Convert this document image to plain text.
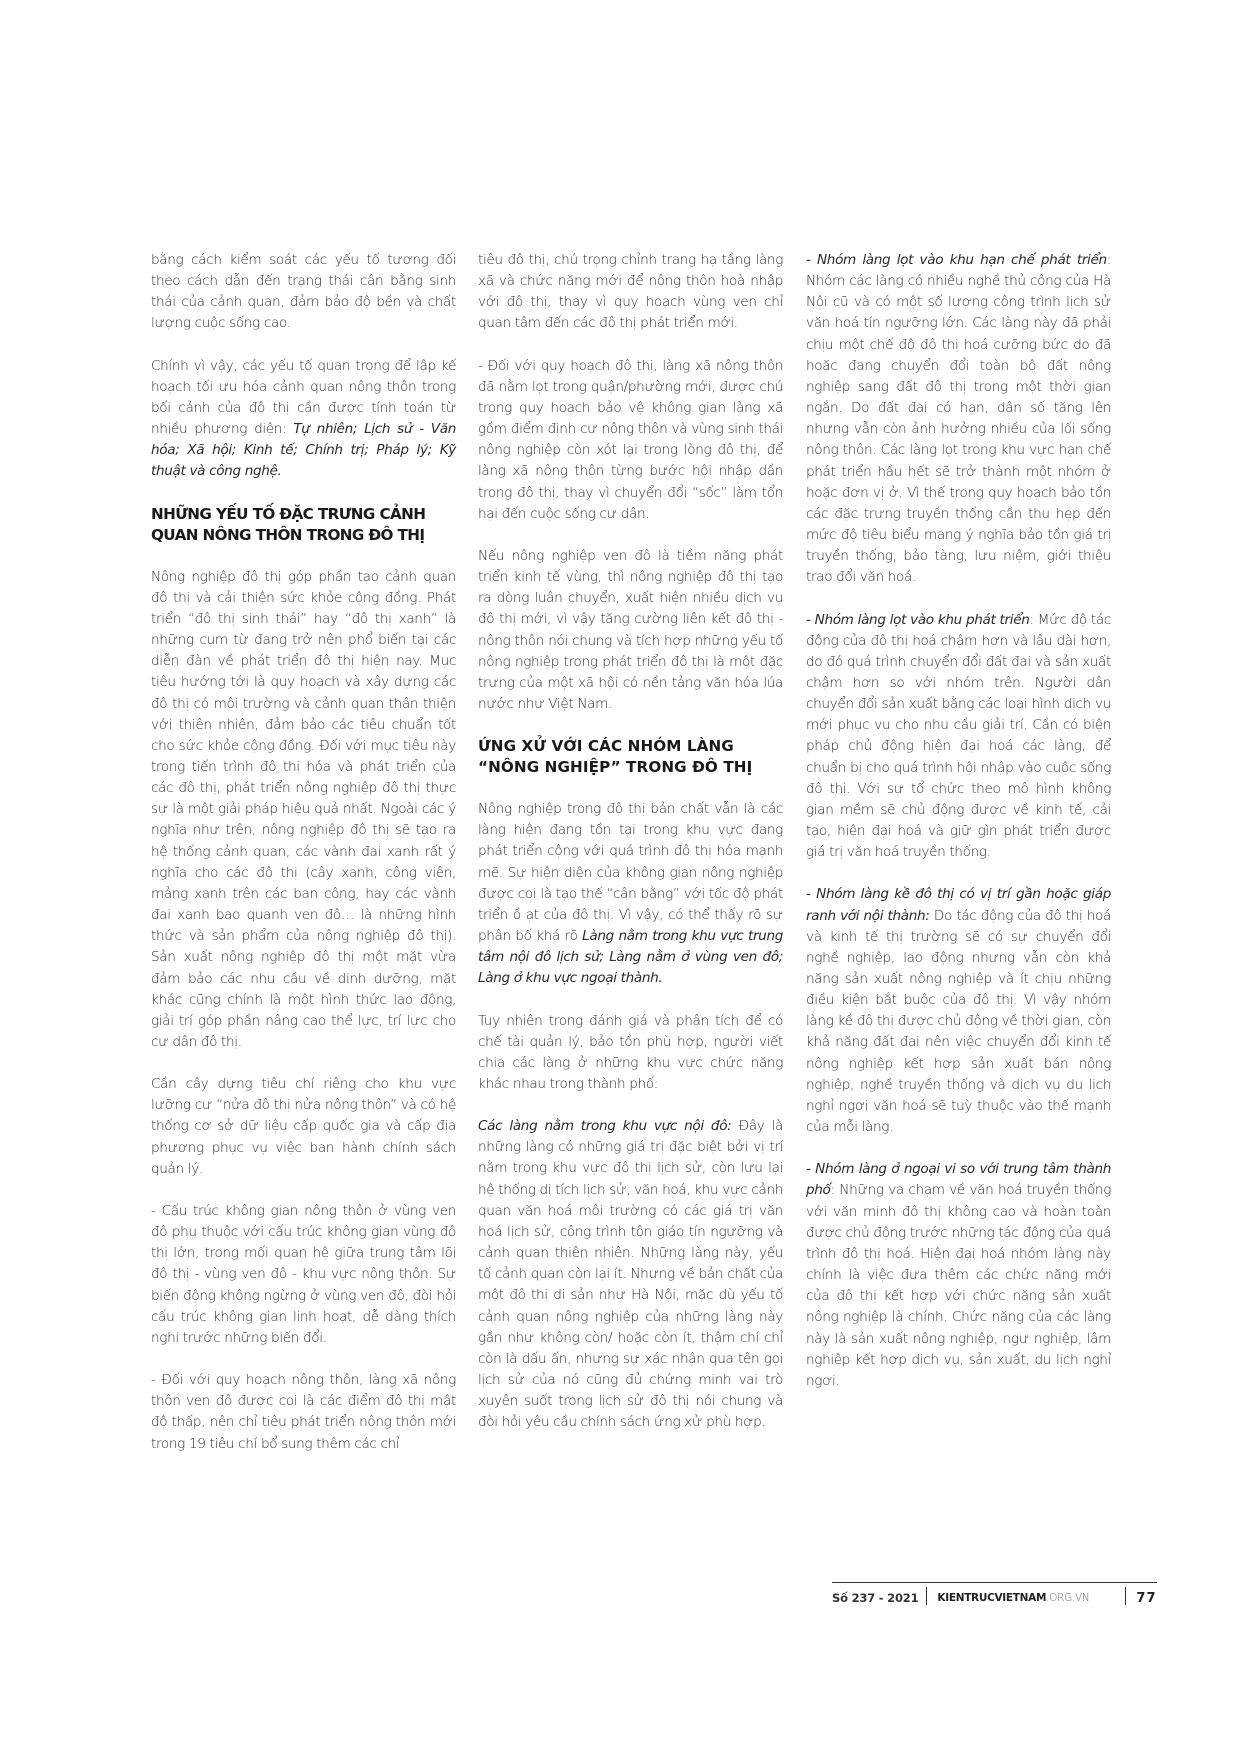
bằng cách kiểm soát các yếu tố tương đối theo cách dẫn đến trạng thái cân bằng sinh thái của cảnh quan, đảm bảo độ bền và chất lượng cuộc sống cao.

Chính vì vậy, các yếu tố quan trọng để lập kế hoạch tối ưu hóa cảnh quan nông thôn trong bối cảnh của đô thị cần được tính toán từ nhiều phương diện: Tự nhiên; Lịch sử - Văn hóa; Xã hội; Kinh tế; Chính trị; Pháp lý; Kỹ thuật và công nghệ.

NHỮNG YẾU TỐ ĐẶC TRƯNG CẢNH QUAN NÔNG THÔN TRONG ĐÔ THỊ

Nông nghiệp đô thị góp phần tạo cảnh quan đô thị và cải thiện sức khỏe cộng đồng. Phát triển “đô thị sinh thái” hay “đô thị xanh” là những cụm từ đang trở nên phổ biến tại các diễn đàn về phát triển đô thị hiện nay. Mục tiêu hướng tới là quy hoạch và xây dựng các đô thị có môi trường và cảnh quan thân thiện với thiên nhiên, đảm bảo các tiêu chuẩn tốt cho sức khỏe cộng đồng. Đối với mục tiêu này trong tiến trình đô thị hóa và phát triển của các đô thị, phát triển nông nghiệp đô thị thực sự là một giải pháp hiệu quả nhất. Ngoài các ý nghĩa như trên, nông nghiệp đô thị sẽ tạo ra hệ thống cảnh quan, các vành đai xanh rất ý nghĩa cho các đô thị (cây xanh, công viên, mảng xanh trên các ban công, hay các vành đai xanh bao quanh ven đô… là những hình thức và sản phẩm của nông nghiệp đô thị). Sản xuất nông nghiệp đô thị một mặt vừa đảm bảo các nhu cầu về dinh dưỡng, mặt khác cũng chính là một hình thức lao động, giải trí góp phần nâng cao thể lực, trí lực cho cư dân đô thị.

Cần cây dựng tiêu chí riêng cho khu vực lưỡng cư “nửa đô thị nửa nông thôn” và có hệ thống cơ sở dữ liệu cấp quốc gia và cấp địa phương phục vụ việc ban hành chính sách quản lý.

- Cấu trúc không gian nông thôn ở vùng ven đô phụ thuộc với cấu trúc không gian vùng đô thị lớn, trong mối quan hệ giữa trung tâm lõi đô thị - vùng ven đô - khu vực nông thôn. Sự biến động không ngừng ở vùng ven đô, đòi hỏi cấu trúc không gian linh hoạt, dễ dàng thích nghi trước những biến đổi.

- Đối với quy hoạch nông thôn, làng xã nông thôn ven đô được coi là các điểm đô thị mật độ thấp, nên chỉ tiêu phát triển nông thôn mới trong 19 tiêu chí bổ sung thêm các chỉ

tiêu đô thị, chú trọng chỉnh trang hạ tầng làng xã và chức năng mới để nông thôn hoà nhập với đô thị, thay vì quy hoạch vùng ven chỉ quan tâm đến các đô thị phát triển mới.

- Đối với quy hoạch đô thị, làng xã nông thôn đã nằm lọt trong quận/phường mới, được chú trọng quy hoạch bảo vệ không gian làng xã gồm điểm định cư nông thôn và vùng sinh thái nông nghiệp còn xót lại trong lòng đô thị, để làng xã nông thôn từng bước hội nhập dần trong đô thị, thay vì chuyển đổi “sốc” làm tổn hại đến cuộc sống cư dân.

Nếu nông nghiệp ven đô là tiềm năng phát triển kinh tế vùng, thì nông nghiệp đô thị tạo ra dòng luân chuyển, xuất hiện nhiều dịch vụ đô thị mới, vì vậy tăng cường liên kết đô thị - nông thôn nói chung và tích hợp những yếu tố nông nghiệp trong phát triển đô thị là một đặc trưng của một xã hội có nền tảng văn hóa lúa nước như Việt Nam.

ỨNG XỬ VỚI CÁC NHÓM LÀNG “NÔNG NGHIỆP” TRONG ĐÔ THỊ

Nông nghiệp trong đô thị bản chất vẫn là các làng hiện đang tồn tại trong khu vực đang phát triển cộng với quá trình đô thị hóa mạnh mẽ. Sự hiện diện của không gian nông nghiệp được coi là tạo thế “cân bằng” với tốc độ phát triển ồ ạt của đô thị. Vì vậy, có thể thấy rõ sự phân bố khá rõ Làng nằm trong khu vực trung tâm nội đô lịch sử; Làng nằm ở vùng ven đô; Làng ở khu vực ngoại thành.

Tuy nhiên trong đánh giá và phân tích để có chế tài quản lý, bảo tồn phù hợp, người viết chia các làng ở những khu vực chức năng khác nhau trong thành phố:

Các làng nằm trong khu vực nội đô: Đây là những làng có những giá trị đặc biệt bởi vị trí nằm trong khu vực đô thị lịch sử, còn lưu lại hệ thống di tích lịch sử, văn hoá, khu vực cảnh quan văn hoá môi trường có các giá trị văn hoá lịch sử, công trình tôn giáo tín ngưỡng và cảnh quan thiên nhiên. Những làng này, yếu tố cảnh quan còn lại ít. Nhưng về bản chất của một đô thị di sản như Hà Nội, mặc dù yếu tố cảnh quan nông nghiệp của những làng này gần như không còn/ hoặc còn ít, thậm chí chỉ còn là dấu ấn, nhưng sự xác nhận qua tên gọi lịch sử của nó cũng đủ chứng minh vai trò xuyên suốt trong lịch sử đô thị nói chung và đòi hỏi yêu cầu chính sách ứng xử phù hợp.

- Nhóm làng lọt vào khu hạn chế phát triển: Nhóm các làng có nhiều nghề thủ công của Hà Nội cũ và có một số lượng công trình lịch sử văn hoá tín ngưỡng lớn. Các làng này đã phải chịu một chế độ đô thị hoá cưỡng bức do đã hoặc đang chuyển đổi toàn bộ đất nông nghiệp sang đất đô thị trong một thời gian ngắn. Do đất đai có hạn, dân số tăng lên nhưng vẫn còn ảnh hưởng nhiều của lối sống nông thôn. Các làng lọt trong khu vực hạn chế phát triển hầu hết sẽ trở thành một nhóm ở hoặc đơn vị ở. Vì thế trong quy hoạch bảo tồn các đặc trưng truyền thống cần thu hẹp đến mức độ tiêu biểu mang ý nghĩa bảo tồn giá trị truyền thống, bảo tàng, lưu niệm, giới thiệu trao đổi văn hoá.

- Nhóm làng lọt vào khu phát triển: Mức độ tác động của đô thị hoá chậm hơn và lâu dài hơn, do đó quá trình chuyển đổi đất đai và sản xuất chậm hơn so với nhóm trên. Người dân chuyển đổi sản xuất bằng các loại hình dịch vụ mới phục vụ cho nhu cầu giải trí. Cần có biện pháp chủ động hiện đại hoá các làng, để chuẩn bị cho quá trình hội nhập vào cuộc sống đô thị. Với sự tổ chức theo mô hình không gian mềm sẽ chủ động được về kinh tế, cải tạo, hiện đại hoá và giữ gìn phát triển được giá trị văn hoá truyền thống.

- Nhóm làng kề đô thị có vị trí gần hoặc giáp ranh với nội thành: Do tác động của đô thị hoá và kinh tế thị trường sẽ có sự chuyển đổi nghề nghiệp, lao động nhưng vẫn còn khả năng sản xuất nông nghiệp và ít chịu những điều kiện bắt buộc của đô thị. Vì vậy nhóm làng kề đô thị được chủ động về thời gian, còn khả năng đất đai nên việc chuyển đổi kinh tế nông nghiệp kết hợp sản xuất bán nông nghiệp, nghề truyền thống và dịch vụ du lịch nghỉ ngơi văn hoá sẽ tuỳ thuộc vào thế mạnh của mỗi làng.

- Nhóm làng ở ngoại vi so với trung tâm thành phố: Những va chạm về văn hoá truyền thống với văn minh đô thị không cao và hoàn toàn được chủ động trước những tác động của quá trình đô thị hoá. Hiện đại hoá nhóm làng này chính là việc đưa thêm các chức năng mới của đô thị kết hợp với chức năng sản xuất nông nghiệp là chính. Chức năng của các làng này là sản xuất nông nghiệp, ngư nghiệp, lâm nghiệp kết hợp dịch vụ, sản xuất, du lịch nghỉ ngơi.

Số 237 - 2021	KIENTRUCVIETNAM.ORG.VN	77
